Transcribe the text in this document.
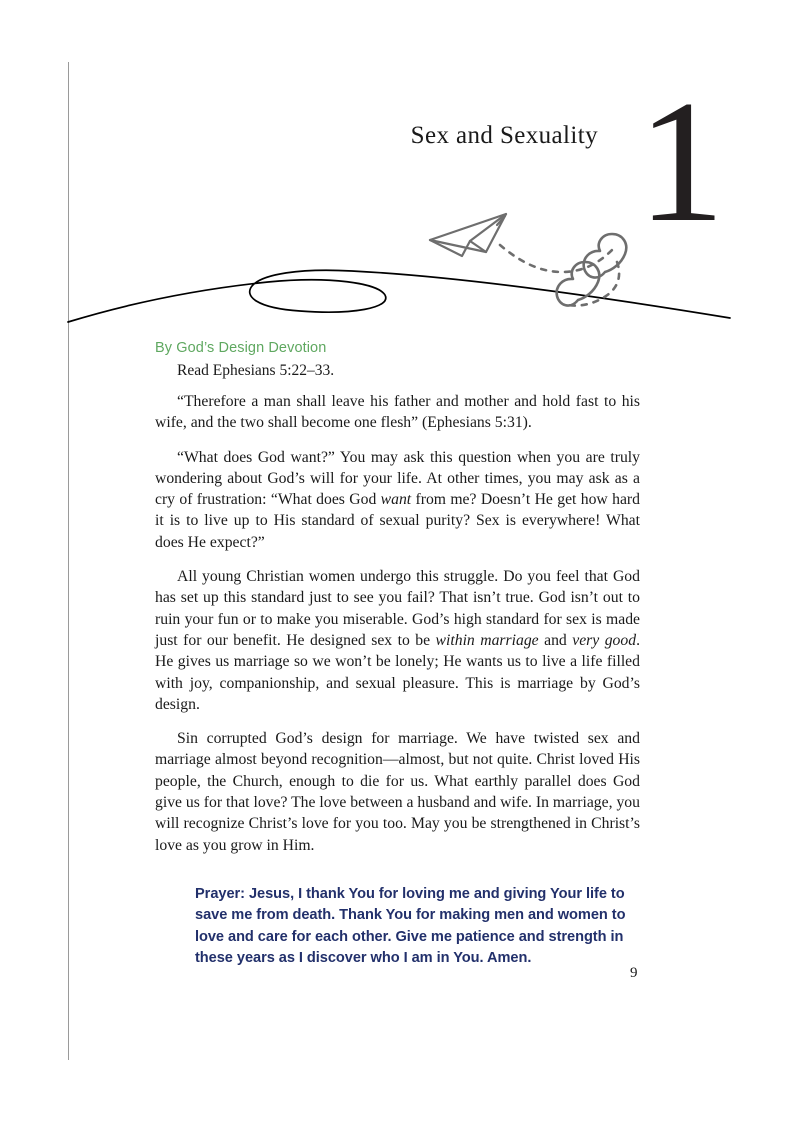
Sex and Sexuality 1
By God’s Design Devotion

Read Ephesians 5:22–33.

“Therefore a man shall leave his father and mother and hold fast to his wife, and the two shall become one flesh” (Ephesians 5:31).

“What does God want?” You may ask this question when you are truly wondering about God’s will for your life. At other times, you may ask as a cry of frustration: “What does God want from me? Doesn’t He get how hard it is to live up to His standard of sexual purity? Sex is everywhere! What does He expect?”

All young Christian women undergo this struggle. Do you feel that God has set up this standard just to see you fail? That isn’t true. God isn’t out to ruin your fun or to make you miserable. God’s high standard for sex is made just for our benefit. He designed sex to be within marriage and very good. He gives us marriage so we won’t be lonely; He wants us to live a life filled with joy, companionship, and sexual pleasure. This is marriage by God’s design.

Sin corrupted God’s design for marriage. We have twisted sex and marriage almost beyond recognition—almost, but not quite. Christ loved His people, the Church, enough to die for us. What earthly parallel does God give us for that love? The love between a husband and wife. In marriage, you will recognize Christ’s love for you too. May you be strengthened in Christ’s love as you grow in Him.

Prayer: Jesus, I thank You for loving me and giving Your life to save me from death. Thank You for making men and women to love and care for each other. Give me patience and strength in these years as I discover who I am in You. Amen.
9
